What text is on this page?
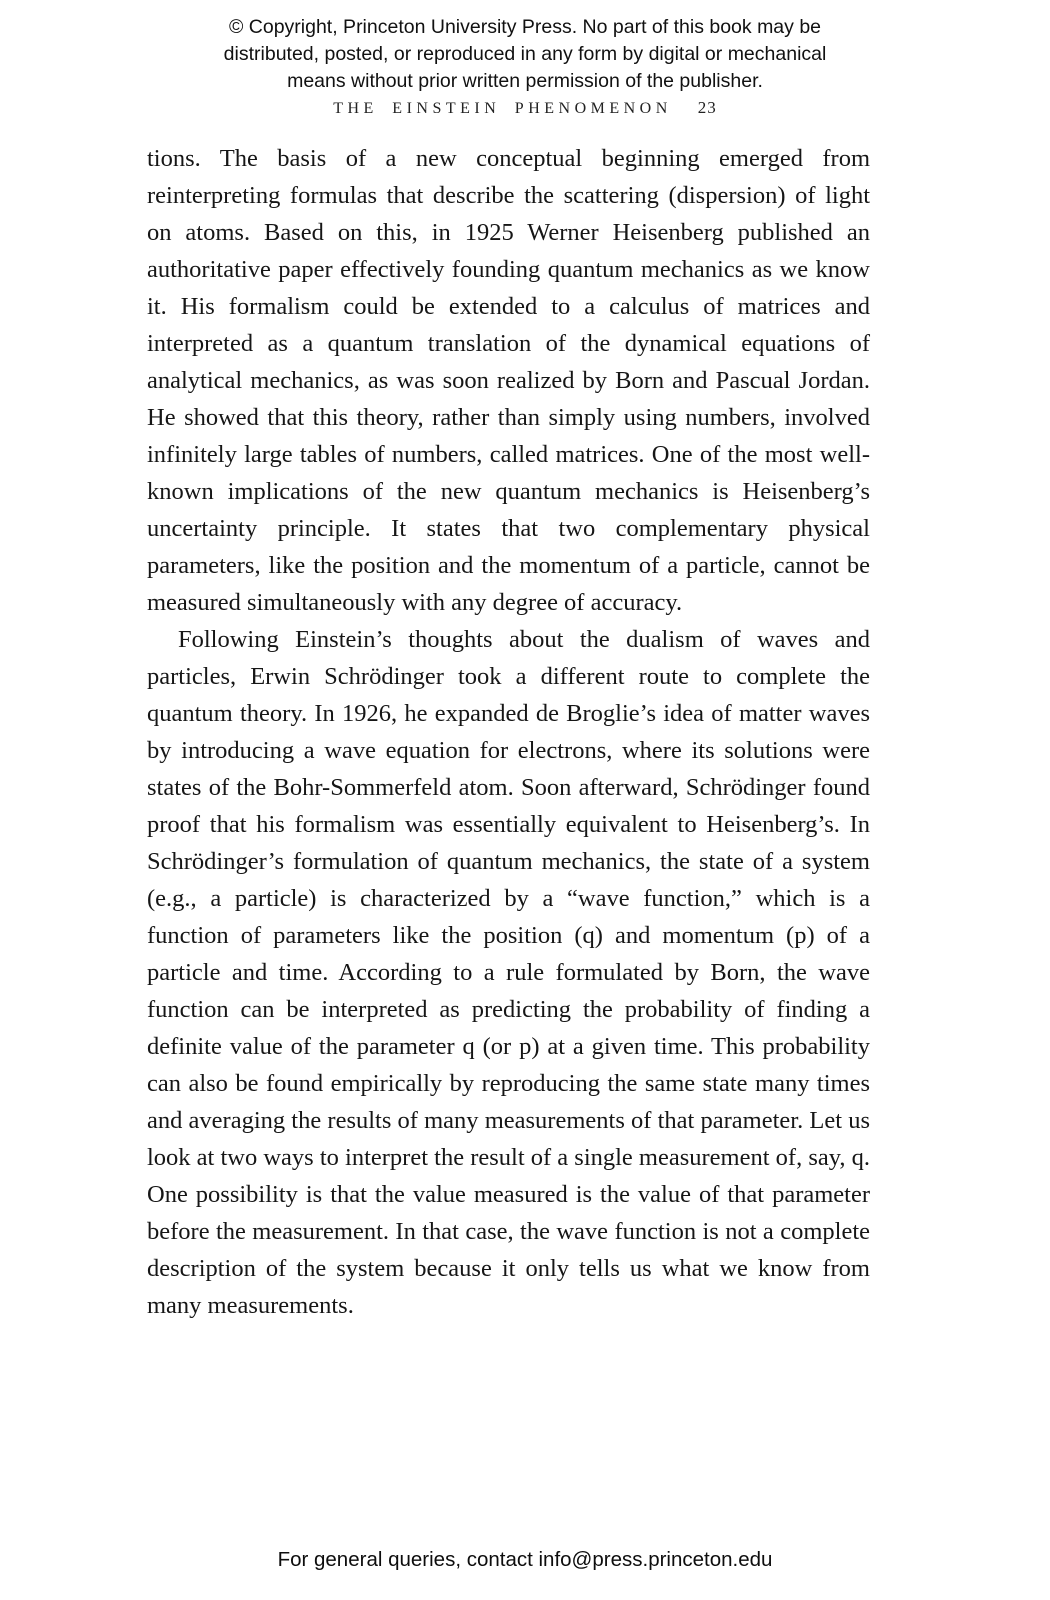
© Copyright, Princeton University Press. No part of this book may be
distributed, posted, or reproduced in any form by digital or mechanical
means without prior written permission of the publisher.
THE EINSTEIN PHENOMENON 23

tions. The basis of a new conceptual beginning emerged from reinterpreting formulas that describe the scattering (dispersion) of light on atoms. Based on this, in 1925 Werner Heisenberg published an authoritative paper effectively founding quantum mechanics as we know it. His formalism could be extended to a calculus of matrices and interpreted as a quantum translation of the dynamical equations of analytical mechanics, as was soon realized by Born and Pascual Jordan. He showed that this theory, rather than simply using numbers, involved infinitely large tables of numbers, called matrices. One of the most well-known implications of the new quantum mechanics is Heisenberg’s uncertainty principle. It states that two complementary physical parameters, like the position and the momentum of a particle, cannot be measured simultaneously with any degree of accuracy.

Following Einstein’s thoughts about the dualism of waves and particles, Erwin Schrödinger took a different route to complete the quantum theory. In 1926, he expanded de Broglie’s idea of matter waves by introducing a wave equation for electrons, where its solutions were states of the Bohr-Sommerfeld atom. Soon afterward, Schrödinger found proof that his formalism was essentially equivalent to Heisenberg’s. In Schrödinger’s formulation of quantum mechanics, the state of a system (e.g., a particle) is characterized by a “wave function,” which is a function of parameters like the position (q) and momentum (p) of a particle and time. According to a rule formulated by Born, the wave function can be interpreted as predicting the probability of finding a definite value of the parameter q (or p) at a given time. This probability can also be found empirically by reproducing the same state many times and averaging the results of many measurements of that parameter. Let us look at two ways to interpret the result of a single measurement of, say, q. One possibility is that the value measured is the value of that parameter before the measurement. In that case, the wave function is not a complete description of the system because it only tells us what we know from many measurements.

For general queries, contact info@press.princeton.edu
